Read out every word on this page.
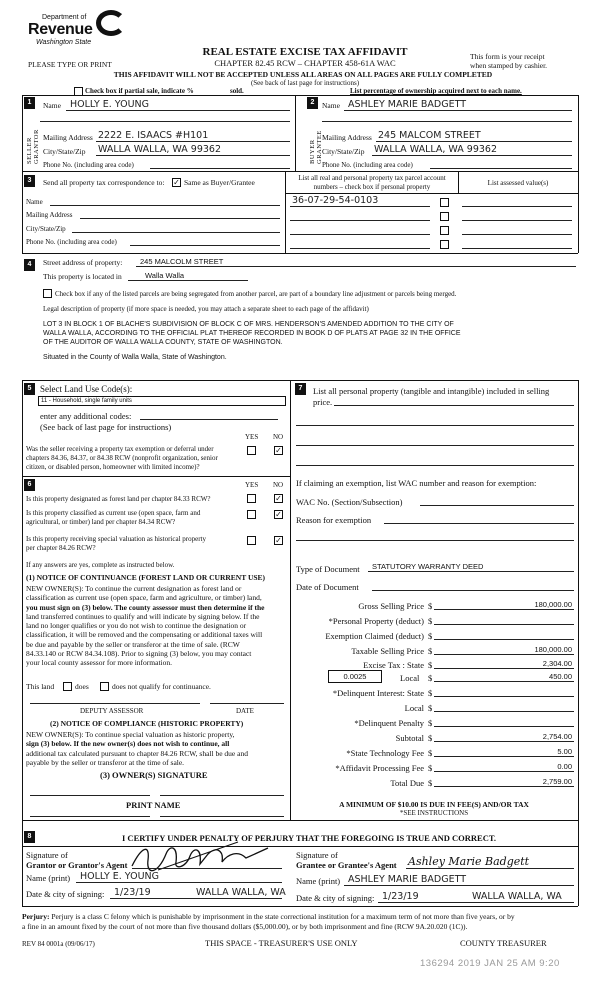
Department of
Revenue
Washington State
REAL ESTATE EXCISE TAX AFFIDAVIT
CHAPTER 82.45 RCW – CHAPTER 458-61A WAC
PLEASE TYPE OR PRINT
This form is your receipt
when stamped by cashier.
THIS AFFIDAVIT WILL NOT BE ACCEPTED UNLESS ALL AREAS ON ALL PAGES ARE FULLY COMPLETED
(See back of last page for instructions)
Check box if partial sale, indicate %	sold.	List percentage of ownership acquired next to each name.
1
SELLER GRANTOR
Name HOLLY E. YOUNG
Mailing Address 2222 E. ISAACS #H101
City/State/Zip WALLA WALLA, WA 99362
Phone No. (including area code)
2
BUYER GRANTEE
Name ASHLEY MARIE BADGETT
Mailing Address 245 MALCOM STREET
City/State/Zip WALLA WALLA, WA 99362
Phone No. (including area code)
3	Send all property tax correspondence to: ✓ Same as Buyer/Grantee
Name
Mailing Address
City/State/Zip
Phone No. (including area code)
List all real and personal property tax parcel account
numbers – check box if personal property	List assessed value(s)
36-07-29-54-0103
4	Street address of property: 245 MALCOLM STREET
This property is located in	Walla Walla
Check box if any of the listed parcels are being segregated from another parcel, are part of a boundary line adjustment or parcels being merged.
Legal description of property (if more space is needed, you may attach a separate sheet to each page of the affidavit)
LOT 3 IN BLOCK 1 OF BLACHE'S SUBDIVISION OF BLOCK C OF MRS. HENDERSON'S AMENDED ADDITION TO THE CITY OF
WALLA WALLA, ACCORDING TO THE OFFICIAL PLAT THEREOF RECORDED IN BOOK D OF PLATS AT PAGE 32 IN THE OFFICE
OF THE AUDITOR OF WALLA WALLA COUNTY, STATE OF WASHINGTON.
Situated in the County of Walla Walla, State of Washington.
5 Select Land Use Code(s):
11 - Household, single family units
enter any additional codes:
(See back of last page for instructions)
YES NO
Was the seller receiving a property tax exemption or deferral under
chapters 84.36, 84.37, or 84.38 RCW (nonprofit organization, senior
citizen, or disabled person, homeowner with limited income)?
✓
6	YES NO
Is this property designated as forest land per chapter 84.33 RCW?	✓
Is this property classified as current use (open space, farm and
agricultural, or timber) land per chapter 84.34 RCW?
✓
Is this property receiving special valuation as historical property
per chapter 84.26 RCW?
✓
If any answers are yes, complete as instructed below.
(1) NOTICE OF CONTINUANCE (FOREST LAND OR CURRENT USE)
NEW OWNER(S): To continue the current designation as forest land or
classification as current use (open space, farm and agriculture, or timber) land,
you must sign on (3) below. The county assessor must then determine if the
land transferred continues to qualify and will indicate by signing below. If the
land no longer qualifies or you do not wish to continue the designation or
classification, it will be removed and the compensating or additional taxes will
be due and payable by the seller or transferor at the time of sale. (RCW
84.33.140 or RCW 84.34.108). Prior to signing (3) below, you may contact
your local county assessor for more information.
This land	does	does not qualify for continuance.
DEPUTY ASSESSOR	DATE
(2) NOTICE OF COMPLIANCE (HISTORIC PROPERTY)
NEW OWNER(S): To continue special valuation as historic property,
sign (3) below. If the new owner(s) does not wish to continue, all
additional tax calculated pursuant to chapter 84.26 RCW, shall be due and
payable by the seller or transferor at the time of sale.
(3) OWNER(S) SIGNATURE
PRINT NAME
7	List all personal property (tangible and intangible) included in selling
price.
If claiming an exemption, list WAC number and reason for exemption:
WAC No. (Section/Subsection)
Reason for exemption
Type of Document STATUTORY WARRANTY DEED
Date of Document
Gross Selling Price $	180,000.00
*Personal Property (deduct) $
Exemption Claimed (deduct) $
Taxable Selling Price $	180,000.00
Excise Tax : State $	2,304.00
0.0025	Local $	450.00
*Delinquent Interest: State $
Local $
*Delinquent Penalty $
Subtotal $	2,754.00
*State Technology Fee $	5.00
*Affidavit Processing Fee $	0.00
Total Due $	2,759.00
A MINIMUM OF $10.00 IS DUE IN FEE(S) AND/OR TAX
*SEE INSTRUCTIONS
8	I CERTIFY UNDER PENALTY OF PERJURY THAT THE FOREGOING IS TRUE AND CORRECT.
Signature of
Grantor or Grantor's Agent
Name (print) HOLLY E. YOUNG
Date & city of signing: 1/23/19	WALLA WALLA, WA
Signature of
Grantee or Grantee's Agent Ashley Marie Badgett
Name (print) ASHLEY MARIE BADGETT
Date & city of signing: 1/23/19	WALLA WALLA, WA
Perjury: Perjury is a class C felony which is punishable by imprisonment in the state correctional institution for a maximum term of not more than five years, or by
a fine in an amount fixed by the court of not more than five thousand dollars ($5,000.00), or by both imprisonment and fine (RCW 9A.20.020 (1C)).
REV 84 0001a (09/06/17)	THIS SPACE - TREASURER'S USE ONLY	COUNTY TREASURER
136294 2019 JAN 25 AM 9:20
